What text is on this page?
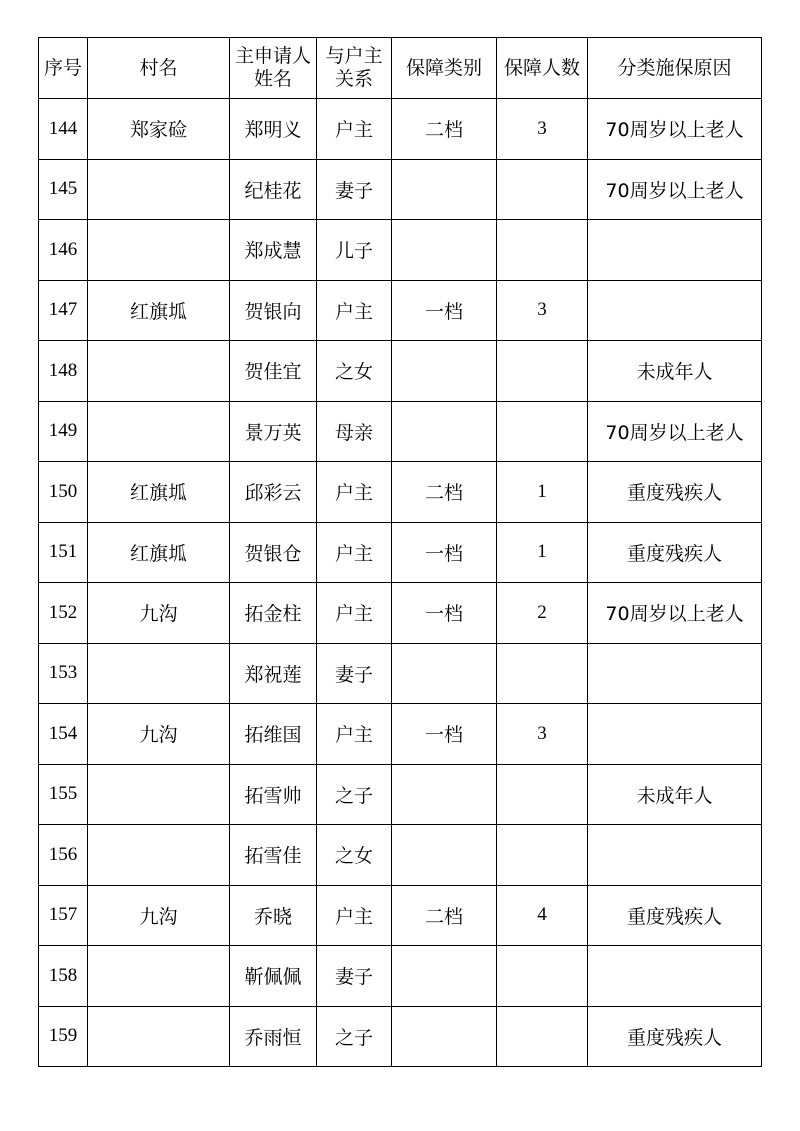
序号	村名	主申请人姓名	与户主关系	保障类别	保障人数	分类施保原因
144	郑家硷	郑明义	户主	二档	3	70周岁以上老人
145		纪桂花	妻子			70周岁以上老人
146		郑成慧	儿子			
147	红旗坬	贺银向	户主	一档	3	
148		贺佳宜	之女			未成年人
149		景万英	母亲			70周岁以上老人
150	红旗坬	邱彩云	户主	二档	1	重度残疾人
151	红旗坬	贺银仓	户主	一档	1	重度残疾人
152	九沟	拓金柱	户主	一档	2	70周岁以上老人
153		郑祝莲	妻子			
154	九沟	拓维国	户主	一档	3	
155		拓雪帅	之子			未成年人
156		拓雪佳	之女			
157	九沟	乔晓	户主	二档	4	重度残疾人
158		靳佩佩	妻子			
159		乔雨恒	之子			重度残疾人
